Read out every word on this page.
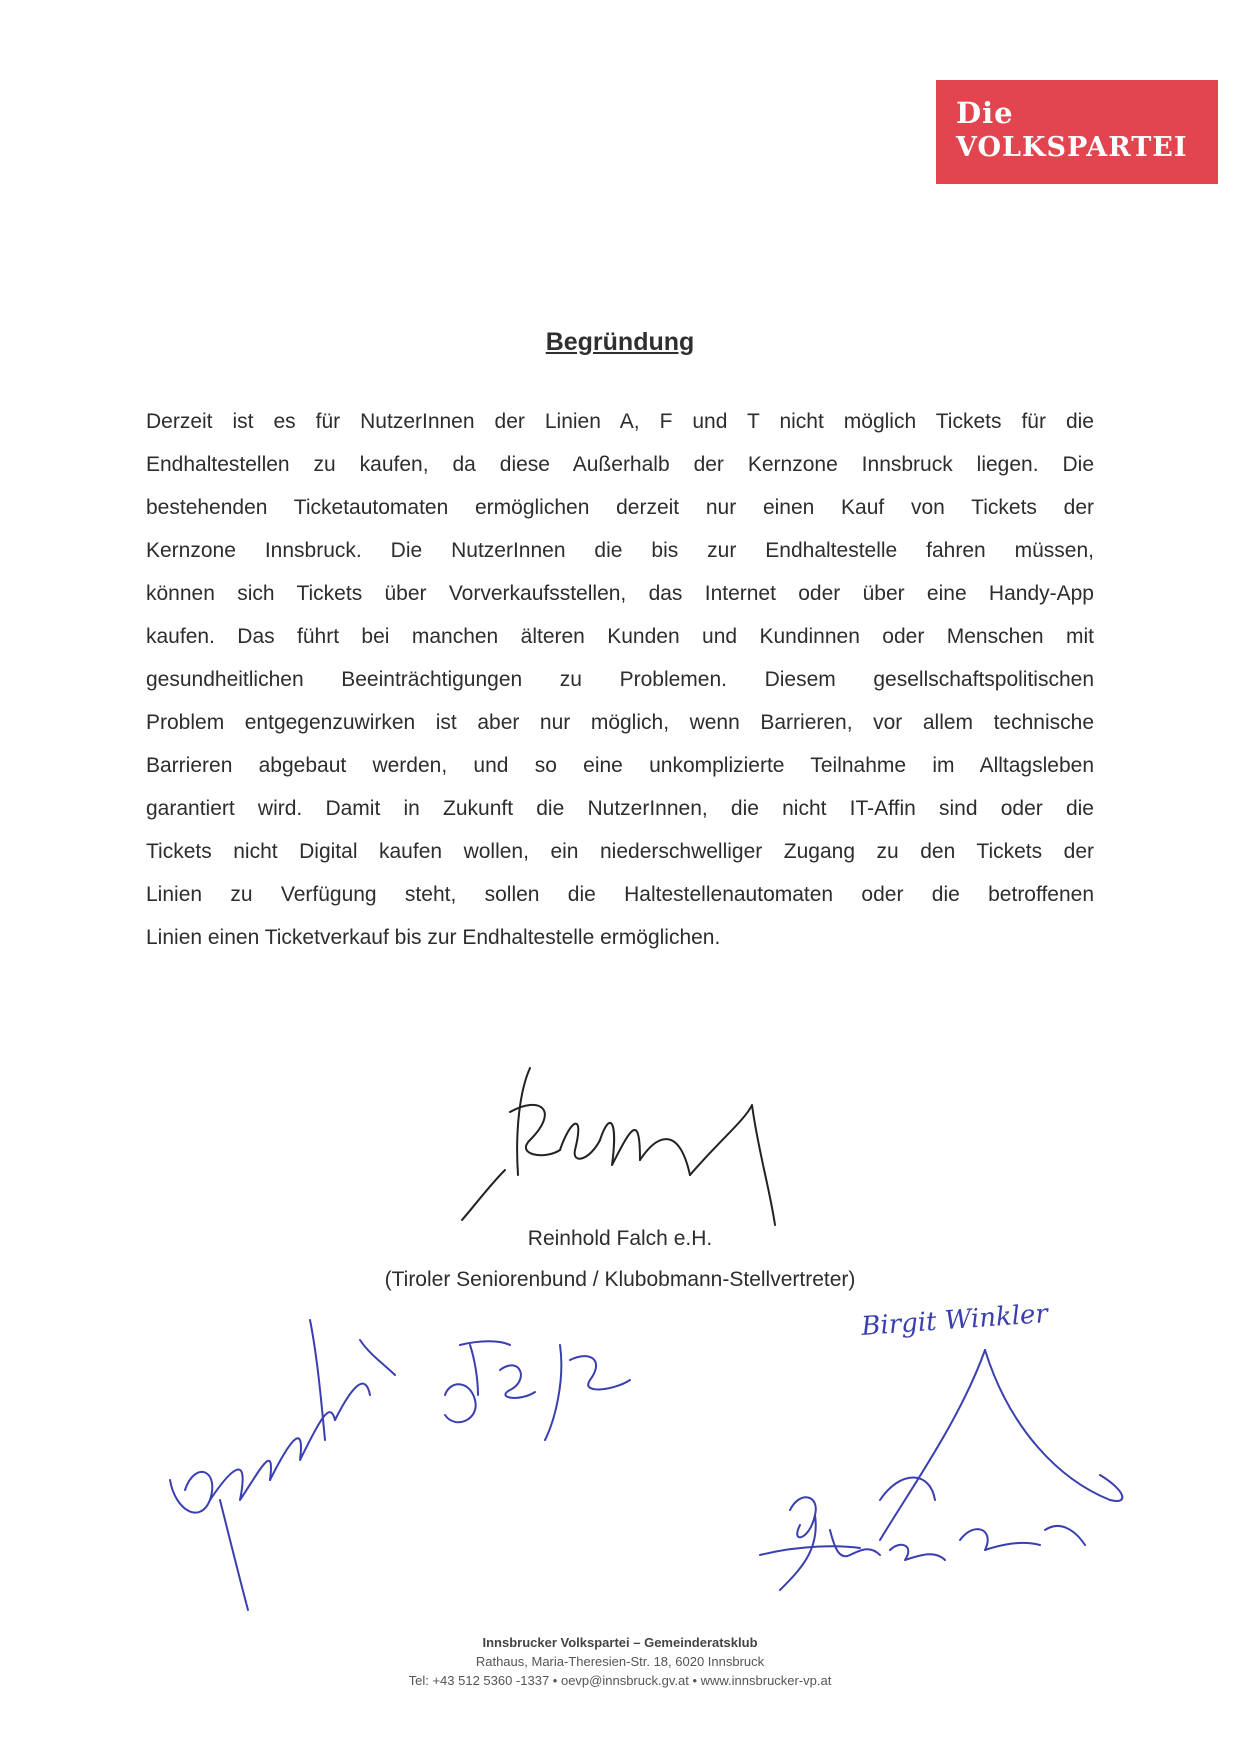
Die
VOLKSPARTEI
Begründung
Derzeit ist es für NutzerInnen der Linien A, F und T nicht möglich Tickets für die
Endhaltestellen zu kaufen, da diese Außerhalb der Kernzone Innsbruck liegen. Die
bestehenden Ticketautomaten ermöglichen derzeit nur einen Kauf von Tickets der
Kernzone Innsbruck. Die NutzerInnen die bis zur Endhaltestelle fahren müssen,
können sich Tickets über Vorverkaufsstellen, das Internet oder über eine Handy-App
kaufen. Das führt bei manchen älteren Kunden und Kundinnen oder Menschen mit
gesundheitlichen Beeinträchtigungen zu Problemen. Diesem gesellschaftspolitischen
Problem entgegenzuwirken ist aber nur möglich, wenn Barrieren, vor allem technische
Barrieren abgebaut werden, und so eine unkomplizierte Teilnahme im Alltagsleben
garantiert wird. Damit in Zukunft die NutzerInnen, die nicht IT-Affin sind oder die
Tickets nicht Digital kaufen wollen, ein niederschwelliger Zugang zu den Tickets der
Linien zu Verfügung steht, sollen die Haltestellenautomaten oder die betroffenen
Linien einen Ticketverkauf bis zur Endhaltestelle ermöglichen.
Birgit Winkler
Reinhold Falch e.H.
(Tiroler Seniorenbund / Klubobmann-Stellvertreter)
Innsbrucker Volkspartei – Gemeinderatsklub
Rathaus, Maria-Theresien-Str. 18, 6020 Innsbruck
Tel: +43 512 5360 -1337 • oevp@innsbruck.gv.at • www.innsbrucker-vp.at
